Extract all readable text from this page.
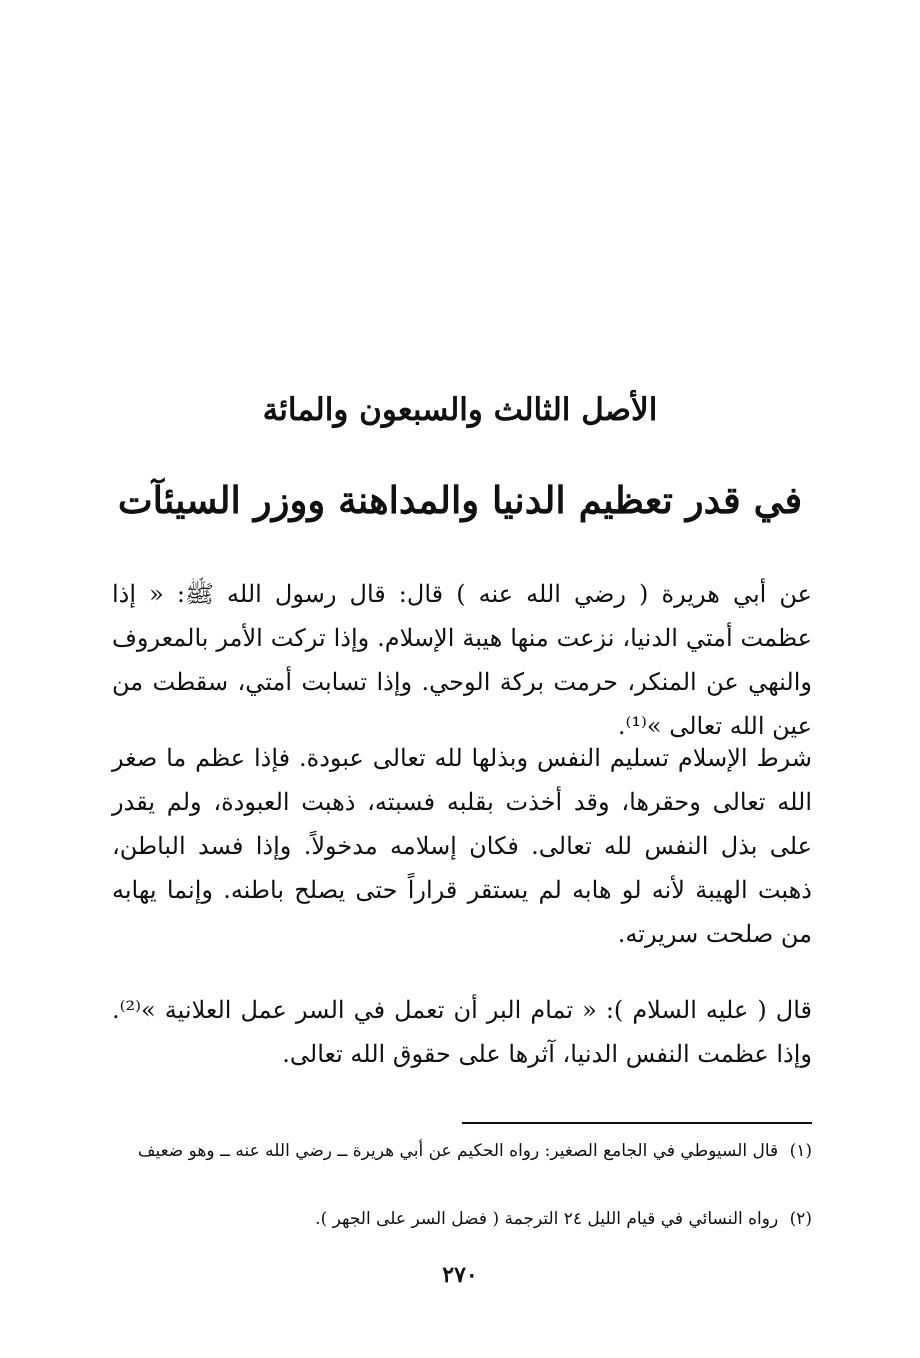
الأصل الثالث والسبعون والمائة
في قدر تعظيم الدنيا والمداهنة ووزر السيئآت

عن أبي هريرة ( رضي الله عنه ) قال: قال رسول الله ﷺ: « إذا عظمت أمتي الدنيا، نزعت منها هيبة الإسلام. وإذا تركت الأمر بالمعروف والنهي عن المنكر، حرمت بركة الوحي. وإذا تسابت أمتي، سقطت من عين الله تعالى »⁽¹⁾.

شرط الإسلام تسليم النفس وبذلها لله تعالى عبودة. فإذا عظم ما صغر الله تعالى وحقرها، وقد أخذت بقلبه فسبته، ذهبت العبودة، ولم يقدر على بذل النفس لله تعالى. فكان إسلامه مدخولاً. وإذا فسد الباطن، ذهبت الهيبة لأنه لو هابه لم يستقر قراراً حتى يصلح باطنه. وإنما يهابه من صلحت سريرته.

قال ( عليه السلام ): « تمام البر أن تعمل في السر عمل العلانية »⁽²⁾. وإذا عظمت النفس الدنيا، آثرها على حقوق الله تعالى.

(١) قال السيوطي في الجامع الصغير: رواه الحكيم عن أبي هريرة ــ رضي الله عنه ــ وهو ضعيف
(٢) رواه النسائي في قيام الليل ٢٤ الترجمة ( فضل السر على الجهر ).
٢٧٠
